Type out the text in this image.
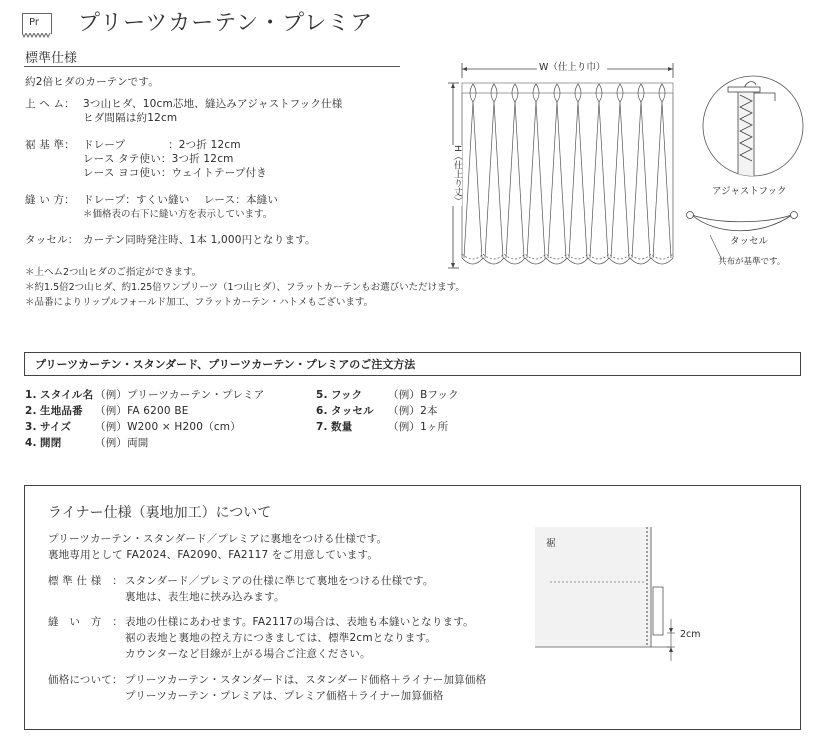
Pr プリーツカーテン・プレミア
標準仕様
約2倍ヒダのカーテンです。
上 ヘ ム： 3つ山ヒダ、10cm芯地、縫込みアジャストフック仕様
ヒダ間隔は約12cm
裾 基 準： ドレープ　　　　：2つ折 12cm
レース タテ使い：3つ折 12cm
レース ヨコ使い：ウェイトテープ付き
縫 い 方： ドレープ：すくい縫い　 レース：本縫い
＊価格表の右下に縫い方を表示しています。
タッセル： カーテン同時発注時、1本 1,000円となります。
＊上ヘム2つ山ヒダのご指定ができます。
＊約1.5倍2つ山ヒダ、約1.25倍ワンプリーツ（1つ山ヒダ）、フラットカーテンもお選びいただけます。
＊品番によりリップルフォールド加工、フラットカーテン・ハトメもございます。
W（仕上り巾）
H（仕上り丈）	アジャストフック
タッセル
共布が基準です。
プリーツカーテン・スタンダード、プリーツカーテン・プレミアのご注文方法
1. スタイル名 （例）プリーツカーテン・プレミア
2. 生地品番 （例）FA 6200 BE
3. サイズ （例）W200 × H200（cm）
4. 開閉	（例）両開
5. フック （例）Bフック
6. タッセル （例）2本
7. 数量	（例）1ヶ所
ライナー仕様（裏地加工）について
プリーツカーテン・スタンダード／プレミアに裏地をつける仕様です。
裏地専用として FA2024、FA2090、FA2117 をご用意しています。
標 準 仕 様　： スタンダード／プレミアの仕様に準じて裏地をつける仕様です。
裏地は、表生地に挟み込みます。
縫　い　方　： 表地の仕様にあわせます。FA2117の場合は、表地も本縫いとなります。
裾の表地と裏地の控え方につきましては、標準2cmとなります。
カウンターなど目線が上がる場合ご注意ください。
価格について： プリーツカーテン・スタンダードは、スタンダード価格＋ライナー加算価格
プリーツカーテン・プレミアは、プレミア価格＋ライナー加算価格
裾
2cm
